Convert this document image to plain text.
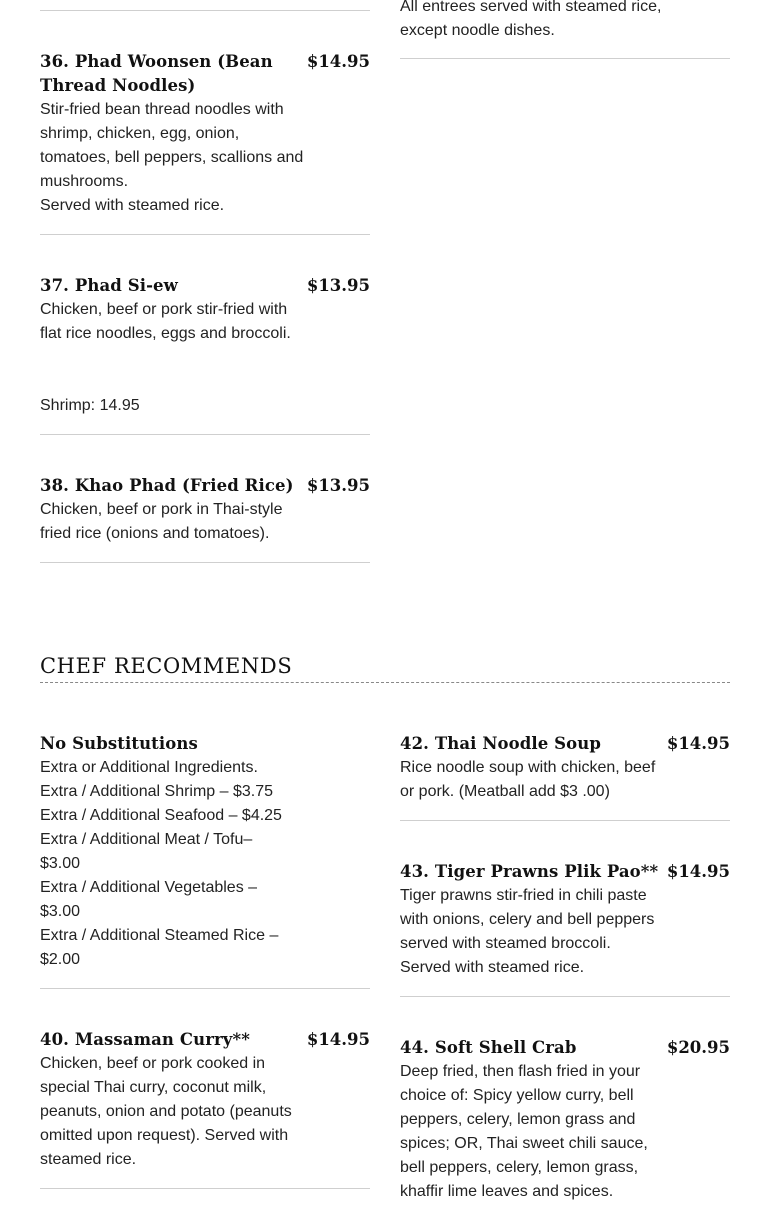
All entrees served with steamed rice,

except noodle dishes.

36. Phad Woonsen (Bean
Thread Noodles)
$14.95

Stir-fried bean thread noodles with

shrimp, chicken, egg, onion,

tomatoes, bell peppers, scallions and

mushrooms.

Served with steamed rice.

37. Phad Si-ew	$13.95

Chicken, beef or pork stir-fried with

flat rice noodles, eggs and broccoli.

Shrimp: 14.95

38. Khao Phad (Fried Rice) $13.95

Chicken, beef or pork in Thai-style

fried rice (onions and tomatoes).

CHEF RECOMMENDS
No Substitutions

Extra or Additional Ingredients.

Extra / Additional Shrimp – $3.75

Extra / Additional Seafood – $4.25

Extra / Additional Meat / Tofu–

$3.00

Extra / Additional Vegetables –

$3.00

Extra / Additional Steamed Rice –

$2.00

40. Massaman Curry**	$14.95

Chicken, beef or pork cooked in

special Thai curry, coconut milk,

peanuts, onion and potato (peanuts

omitted upon request). Served with

steamed rice.

42. Thai Noodle Soup	$14.95

Rice noodle soup with chicken, beef

or pork. (Meatball add $3 .00)

43. Tiger Prawns Plik Pao** $14.95

Tiger prawns stir-fried in chili paste

with onions, celery and bell peppers

served with steamed broccoli.

Served with steamed rice.

44. Soft Shell Crab	$20.95

Deep fried, then flash fried in your

choice of: Spicy yellow curry, bell

peppers, celery, lemon grass and

spices; OR, Thai sweet chili sauce,

bell peppers, celery, lemon grass,

khaffir lime leaves and spices.
